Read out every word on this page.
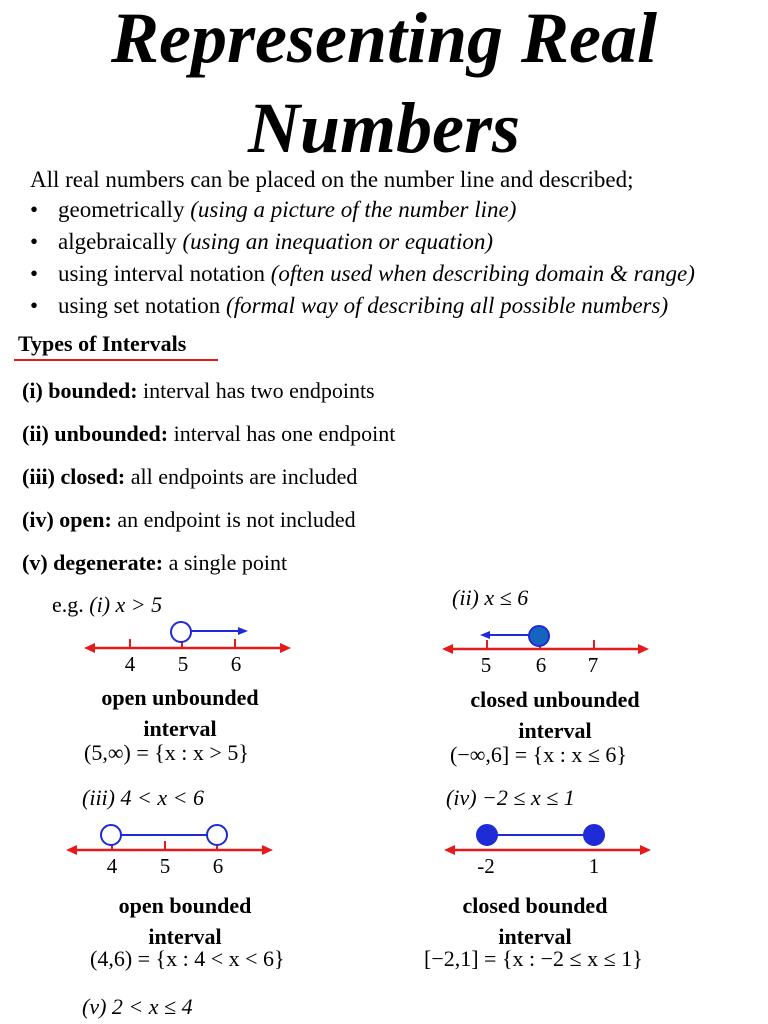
Representing Real
Numbers
All real numbers can be placed on the number line and described;
• geometrically (using a picture of the number line)
• algebraically (using an inequation or equation)
• using interval notation (often used when describing domain & range)
• using set notation (formal way of describing all possible numbers)
Types of Intervals
(i) bounded: interval has two endpoints
(ii) unbounded: interval has one endpoint
(iii) closed: all endpoints are included
(iv) open: an endpoint is not included
(v) degenerate: a single point
e.g. (i) x > 5
4 5 6
open unbounded interval
(5,∞) = {x : x > 5}
(ii) x ≤ 6
5 6 7
closed unbounded interval
(−∞,6] = {x : x ≤ 6}
(iii) 4 < x < 6
4 5 6
open bounded interval
(4,6) = {x : 4 < x < 6}
(iv) −2 ≤ x ≤ 1
-2	1
closed bounded interval
[−2,1] = {x : −2 ≤ x ≤ 1}
(v) 2 < x ≤ 4
